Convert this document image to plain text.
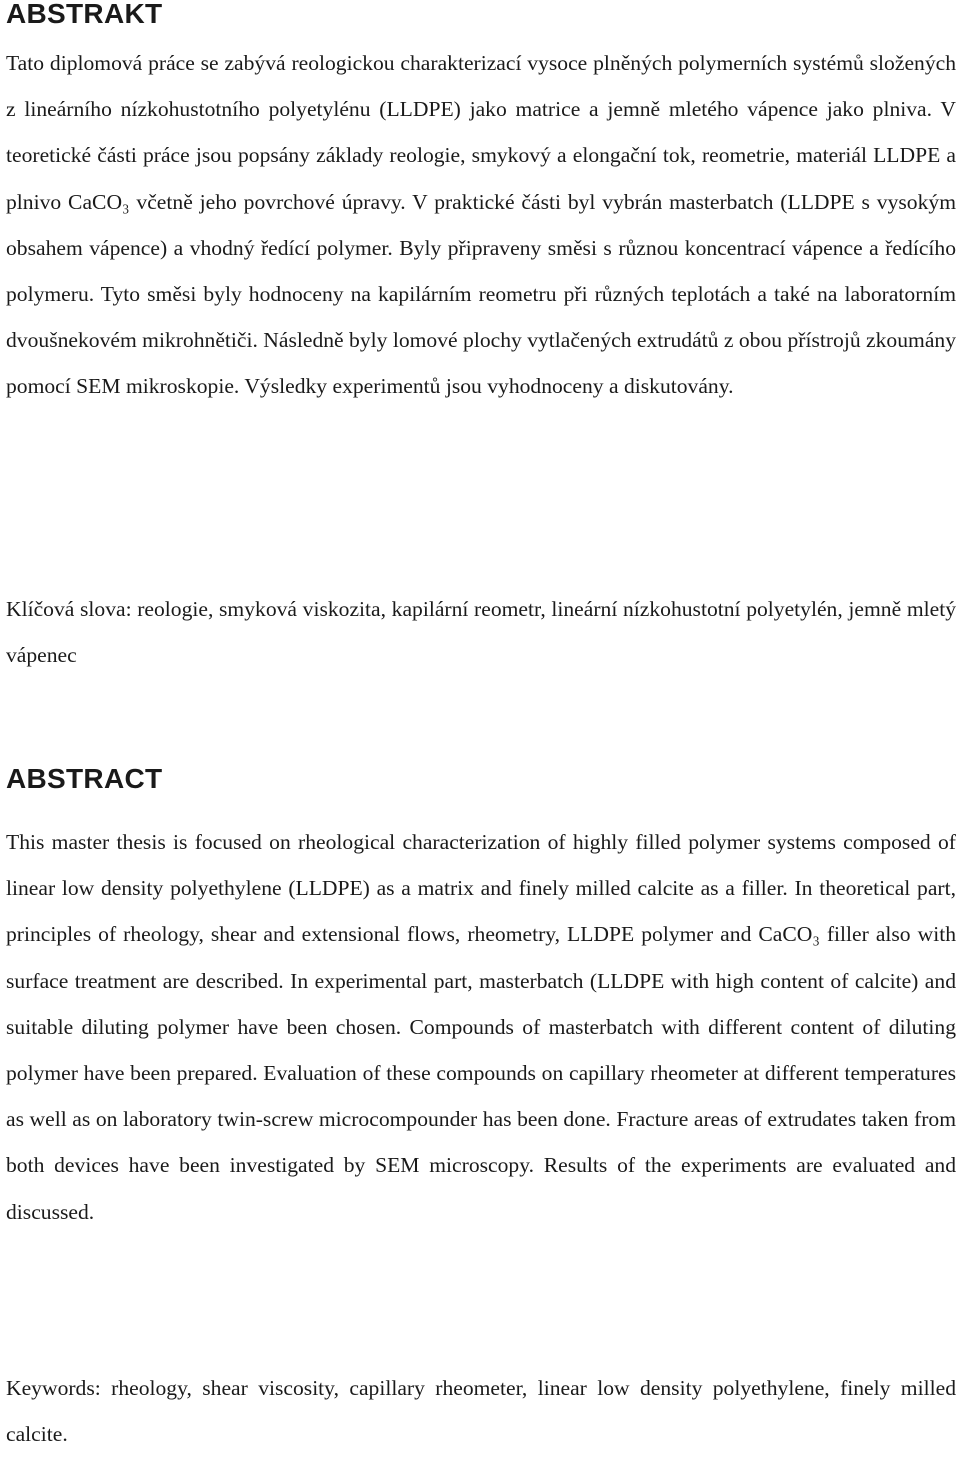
ABSTRAKT

Tato diplomová práce se zabývá reologickou charakterizací vysoce plněných polymerních systémů složených z lineárního nízkohustotního polyetylénu (LLDPE) jako matrice a jemně mletého vápence jako plniva. V teoretické části práce jsou popsány základy reologie, smykový a elongační tok, reometrie, materiál LLDPE a plnivo CaCO₃ včetně jeho povrchové úpravy. V praktické části byl vybrán masterbatch (LLDPE s vysokým obsahem vápence) a vhodný ředící polymer. Byly připraveny směsi s různou koncentrací vápence a ředícího polymeru. Tyto směsi byly hodnoceny na kapilárním reometru při různých teplotách a také na laboratorním dvoušnekovém mikrohnětiči. Následně byly lomové plochy vytlačených extrudátů z obou přístrojů zkoumány pomocí SEM mikroskopie. Výsledky experimentů jsou vyhodnoceny a diskutovány.

Klíčová slova: reologie, smyková viskozita, kapilární reometr, lineární nízkohustotní polyetylén, jemně mletý vápenec

ABSTRACT

This master thesis is focused on rheological characterization of highly filled polymer systems composed of linear low density polyethylene (LLDPE) as a matrix and finely milled calcite as a filler. In theoretical part, principles of rheology, shear and extensional flows, rheometry, LLDPE polymer and CaCO₃ filler also with surface treatment are described. In experimental part, masterbatch (LLDPE with high content of calcite) and suitable diluting polymer have been chosen. Compounds of masterbatch with different content of diluting polymer have been prepared. Evaluation of these compounds on capillary rheometer at different temperatures as well as on laboratory twin-screw microcompounder has been done. Fracture areas of extrudates taken from both devices have been investigated by SEM microscopy. Results of the experiments are evaluated and discussed.

Keywords: rheology, shear viscosity, capillary rheometer, linear low density polyethylene, finely milled calcite.
